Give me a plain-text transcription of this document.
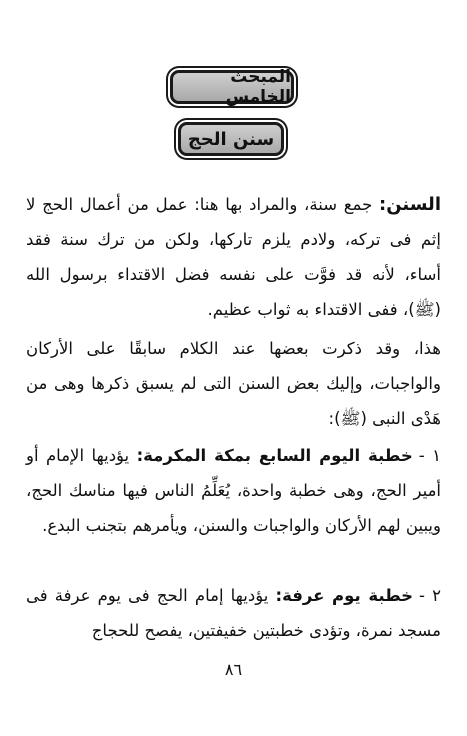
المبحث الخامس
سنن الحج

السنن: جمع سنة، والمراد بها هنا: عمل من أعمال الحج لا إثم فى تركه، ولادم يلزم تاركها، ولكن من ترك سنة فقد أساء، لأنه قد فوَّت على نفسه فضل الاقتداء برسول الله (ﷺ)، ففى الاقتداء به ثواب عظيم.

هذا، وقد ذكرت بعضها عند الكلام سابقًا على الأركان والواجبات، وإليك بعض السنن التى لم يسبق ذكرها وهى من هَدْى النبى (ﷺ):

١ -خطبة اليوم السابع بمكة المكرمة: يؤديها الإمام أو أمير الحج، وهى خطبة واحدة، يُعَلِّمُ الناس فيها مناسك الحج، ويبين لهم الأركان والواجبات والسنن، ويأمرهم بتجنب البدع.

٢ -خطبة يوم عرفة: يؤديها إمام الحج فى يوم عرفة فى مسجد نمرة، وتؤدى خطبتين خفيفتين، يفصح للحجاج

٨٦
